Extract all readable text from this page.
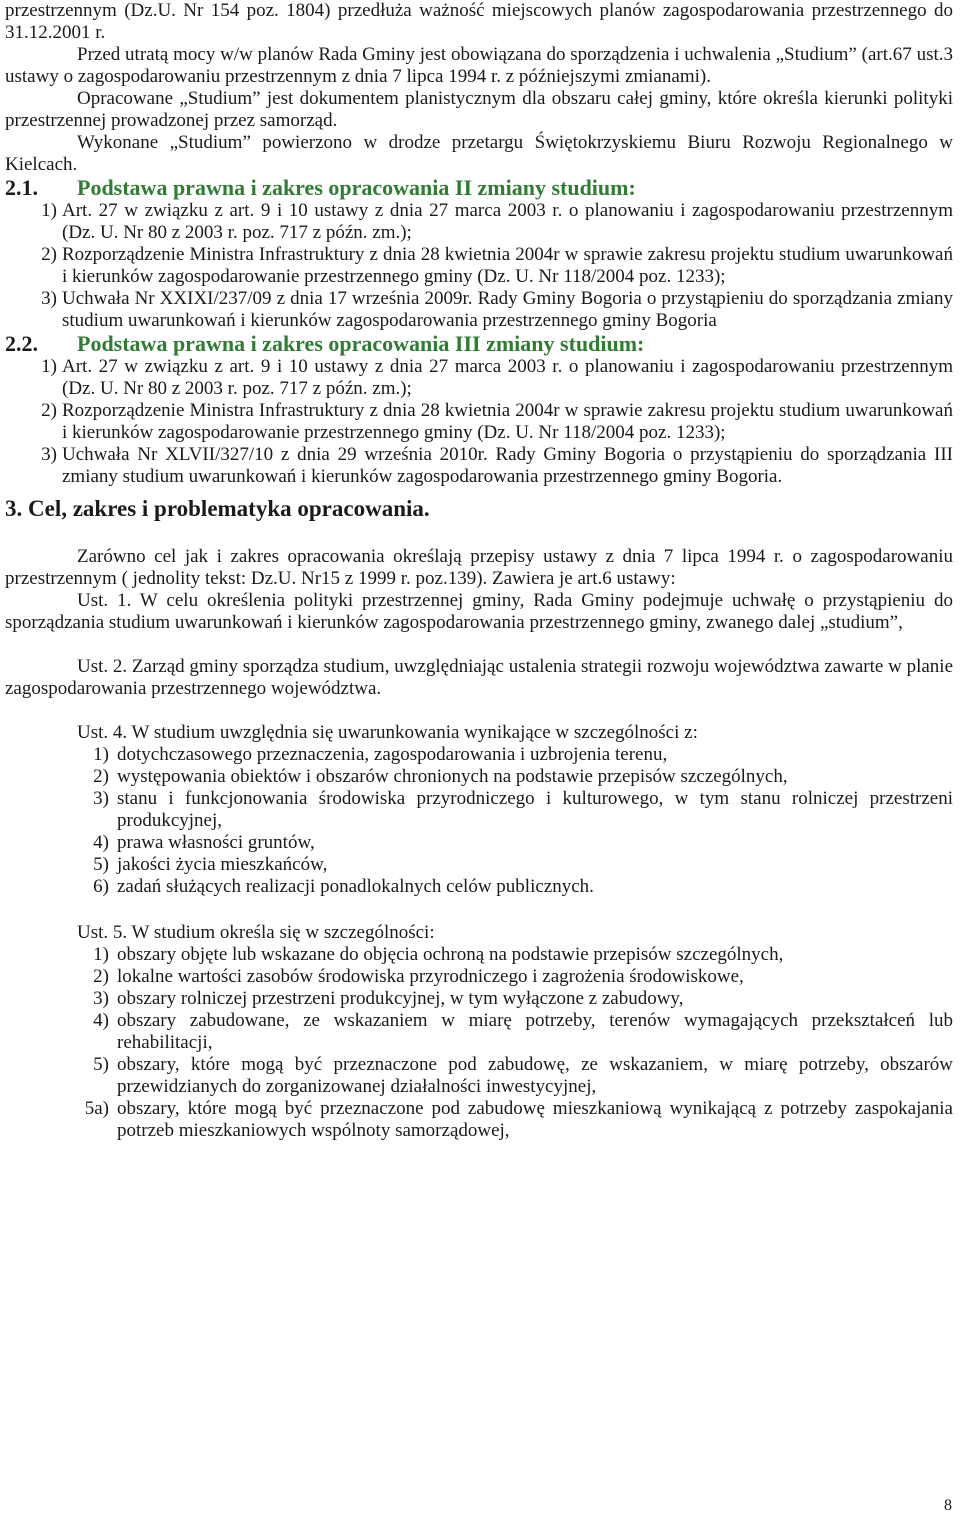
przestrzennym (Dz.U. Nr 154 poz. 1804) przedłuża ważność miejscowych planów zagospodarowania przestrzennego do 31.12.2001 r.

Przed utratą mocy w/w planów Rada Gminy jest obowiązana do sporządzenia i uchwalenia „Studium” (art.67 ust.3 ustawy o zagospodarowaniu przestrzennym z dnia 7 lipca 1994 r. z późniejszymi zmianami).

Opracowane „Studium” jest dokumentem planistycznym dla obszaru całej gminy, które określa kierunki polityki przestrzennej prowadzonej przez samorząd.

Wykonane „Studium” powierzono w drodze przetargu Świętokrzyskiemu Biuru Rozwoju Regionalnego w Kielcach.

2.1.	Podstawa prawna i zakres opracowania II zmiany studium:
1) Art. 27 w związku z art. 9 i 10 ustawy z dnia 27 marca 2003 r. o planowaniu i zagospodarowaniu przestrzennym (Dz. U. Nr 80 z 2003 r. poz. 717 z późn. zm.);
2) Rozporządzenie Ministra Infrastruktury z dnia 28 kwietnia 2004r w sprawie zakresu projektu studium uwarunkowań i kierunków zagospodarowanie przestrzennego gminy (Dz. U. Nr 118/2004 poz. 1233);
3) Uchwała Nr XXIXI/237/09 z dnia 17 września 2009r. Rady Gminy Bogoria o przystąpieniu do sporządzania zmiany studium uwarunkowań i kierunków zagospodarowania przestrzennego gminy Bogoria
2.2.	Podstawa prawna i zakres opracowania III zmiany studium:
1) Art. 27 w związku z art. 9 i 10 ustawy z dnia 27 marca 2003 r. o planowaniu i zagospodarowaniu przestrzennym (Dz. U. Nr 80 z 2003 r. poz. 717 z późn. zm.);
2) Rozporządzenie Ministra Infrastruktury z dnia 28 kwietnia 2004r w sprawie zakresu projektu studium uwarunkowań i kierunków zagospodarowanie przestrzennego gminy (Dz. U. Nr 118/2004 poz. 1233);
3) Uchwała Nr XLVII/327/10 z dnia 29 września 2010r. Rady Gminy Bogoria o przystąpieniu do sporządzania III zmiany studium uwarunkowań i kierunków zagospodarowania przestrzennego gminy Bogoria.
3. Cel, zakres i problematyka opracowania.

Zarówno cel jak i zakres opracowania określają przepisy ustawy z dnia 7 lipca 1994 r. o zagospodarowaniu przestrzennym ( jednolity tekst: Dz.U. Nr15 z 1999 r. poz.139). Zawiera je art.6 ustawy:

Ust. 1. W celu określenia polityki przestrzennej gminy, Rada Gminy podejmuje uchwałę o przystąpieniu do sporządzania studium uwarunkowań i kierunków zagospodarowania przestrzennego gminy, zwanego dalej „studium”,

Ust. 2. Zarząd gminy sporządza studium, uwzględniając ustalenia strategii rozwoju województwa zawarte w planie zagospodarowania przestrzennego województwa.

Ust. 4. W studium uwzględnia się uwarunkowania wynikające w szczególności z:

1) dotychczasowego przeznaczenia, zagospodarowania i uzbrojenia terenu,
2) występowania obiektów i obszarów chronionych na podstawie przepisów szczególnych,
3) stanu i funkcjonowania środowiska przyrodniczego i kulturowego, w tym stanu rolniczej przestrzeni produkcyjnej,
4) prawa własności gruntów,
5) jakości życia mieszkańców,
6) zadań służących realizacji ponadlokalnych celów publicznych.

Ust. 5. W studium określa się w szczególności:

1) obszary objęte lub wskazane do objęcia ochroną na podstawie przepisów szczególnych,
2) lokalne wartości zasobów środowiska przyrodniczego i zagrożenia środowiskowe,
3) obszary rolniczej przestrzeni produkcyjnej, w tym wyłączone z zabudowy,
4) obszary zabudowane, ze wskazaniem w miarę potrzeby, terenów wymagających przekształceń lub rehabilitacji,
5) obszary, które mogą być przeznaczone pod zabudowę, ze wskazaniem, w miarę potrzeby, obszarów przewidzianych do zorganizowanej działalności inwestycyjnej,
5a) obszary, które mogą być przeznaczone pod zabudowę mieszkaniową wynikającą z potrzeby zaspokajania potrzeb mieszkaniowych wspólnoty samorządowej,
8
